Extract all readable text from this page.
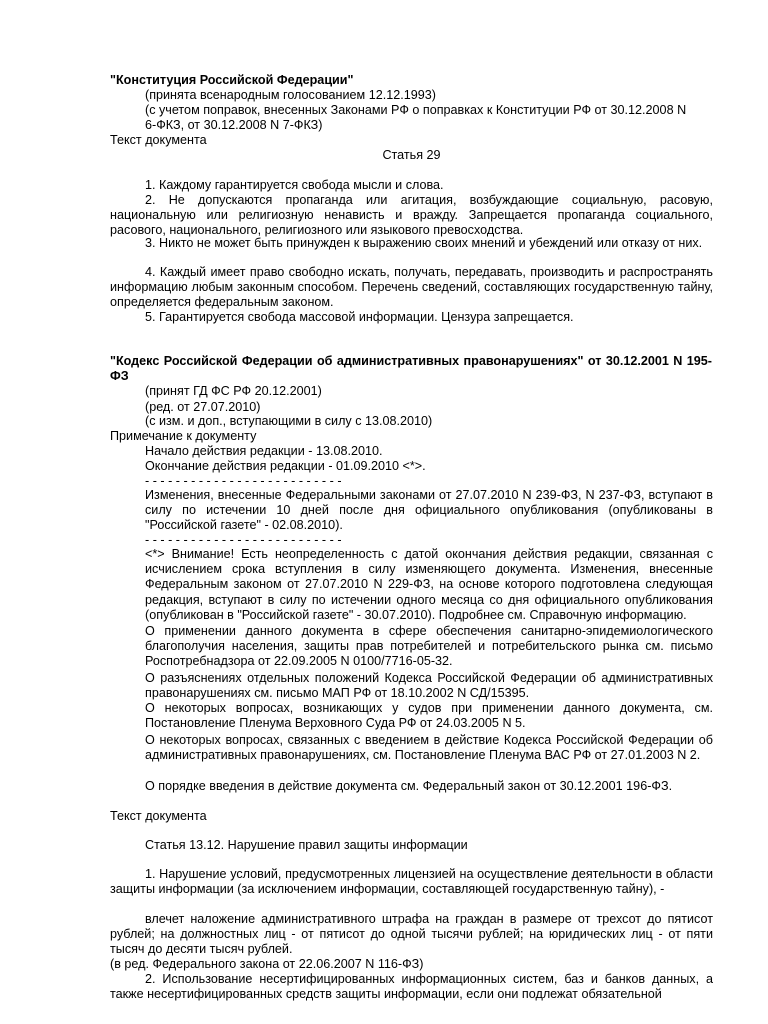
"Конституция Российской Федерации"
(принята всенародным голосованием 12.12.1993)
(с учетом поправок, внесенных Законами РФ о поправках к Конституции РФ от 30.12.2008 N
6-ФКЗ, от 30.12.2008 N 7-ФКЗ)
Текст документа
Статья 29
1. Каждому гарантируется свобода мысли и слова.
2. Не допускаются пропаганда или агитация, возбуждающие социальную, расовую, национальную или религиозную ненависть и вражду. Запрещается пропаганда социального, расового, национального, религиозного или языкового превосходства.
3. Никто не может быть принужден к выражению своих мнений и убеждений или отказу от них.
4. Каждый имеет право свободно искать, получать, передавать, производить и распространять информацию любым законным способом. Перечень сведений, составляющих государственную тайну, определяется федеральным законом.
5. Гарантируется свобода массовой информации. Цензура запрещается.
"Кодекс Российской Федерации об административных правонарушениях" от 30.12.2001 N 195-ФЗ
(принят ГД ФС РФ 20.12.2001)
(ред. от 27.07.2010)
(с изм. и доп., вступающими в силу с 13.08.2010)
Примечание к документу
Начало действия редакции - 13.08.2010.
Окончание действия редакции - 01.09.2010 <*>.
- - - - - - - - - - - - - - - - - - - - - - - - - -
Изменения, внесенные Федеральными законами от 27.07.2010 N 239-ФЗ, N 237-ФЗ, вступают в силу по истечении 10 дней после дня официального опубликования (опубликованы в "Российской газете" - 02.08.2010).
- - - - - - - - - - - - - - - - - - - - - - - - - -
<*> Внимание! Есть неопределенность с датой окончания действия редакции, связанная с исчислением срока вступления в силу изменяющего документа. Изменения, внесенные Федеральным законом от 27.07.2010 N 229-ФЗ, на основе которого подготовлена следующая редакция, вступают в силу по истечении одного месяца со дня официального опубликования (опубликован в "Российской газете" - 30.07.2010). Подробнее см. Справочную информацию.
О применении данного документа в сфере обеспечения санитарно-эпидемиологического благополучия населения, защиты прав потребителей и потребительского рынка см. письмо Роспотребнадзора от 22.09.2005 N 0100/7716-05-32.
О разъяснениях отдельных положений Кодекса Российской Федерации об административных правонарушениях см. письмо МАП РФ от 18.10.2002 N СД/15395.
О некоторых вопросах, возникающих у судов при применении данного документа, см. Постановление Пленума Верховного Суда РФ от 24.03.2005 N 5.
О некоторых вопросах, связанных с введением в действие Кодекса Российской Федерации об административных правонарушениях, см. Постановление Пленума ВАС РФ от 27.01.2003 N 2.
О порядке введения в действие документа см. Федеральный закон от 30.12.2001 196-ФЗ.
Текст документа
Статья 13.12. Нарушение правил защиты информации
1. Нарушение условий, предусмотренных лицензией на осуществление деятельности в области защиты информации (за исключением информации, составляющей государственную тайну), -
влечет наложение административного штрафа на граждан в размере от трехсот до пятисот рублей; на должностных лиц - от пятисот до одной тысячи рублей; на юридических лиц - от пяти тысяч до десяти тысяч рублей.
(в ред. Федерального закона от 22.06.2007 N 116-ФЗ)
2. Использование несертифицированных информационных систем, баз и банков данных, а также несертифицированных средств защиты информации, если они подлежат обязательной
